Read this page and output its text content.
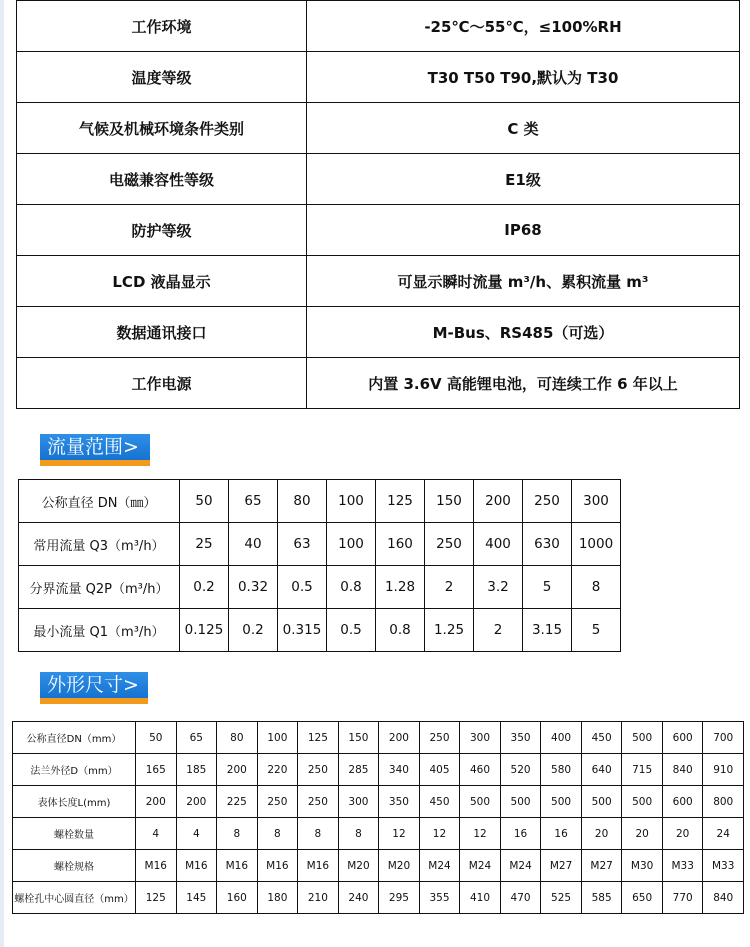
工作环境	-25℃～55℃，≤100%RH
温度等级	T30 T50 T90,默认为 T30
气候及机械环境条件类别	C 类
电磁兼容性等级	E1级
防护等级	IP68
LCD 液晶显示	可显示瞬时流量 m³/h、累积流量 m³
数据通讯接口	M-Bus、RS485（可选）
工作电源	内置 3.6V 高能锂电池，可连续工作 6 年以上
流量范围>
公称直径 DN（㎜）	50	65	80	100	125	150	200	250	300
常用流量 Q3（m³/h）	25	40	63	100	160	250	400	630	1000
分界流量 Q2P（m³/h）	0.2	0.32	0.5	0.8	1.28	2	3.2	5	8
最小流量 Q1（m³/h）	0.125	0.2	0.315	0.5	0.8	1.25	2	3.15	5
外形尺寸>
公称直径DN（mm）	50	65	80	100	125	150	200	250	300	350	400	450	500	600	700
法兰外径D（mm）	165	185	200	220	250	285	340	405	460	520	580	640	715	840	910
表体长度L(mm)	200	200	225	250	250	300	350	450	500	500	500	500	500	600	800
螺栓数量	4	4	8	8	8	8	12	12	12	16	16	20	20	20	24
螺栓规格	M16	M16	M16	M16	M16	M20	M20	M24	M24	M24	M27	M27	M30	M33	M33
螺栓孔中心圆直径（mm）	125	145	160	180	210	240	295	355	410	470	525	585	650	770	840
